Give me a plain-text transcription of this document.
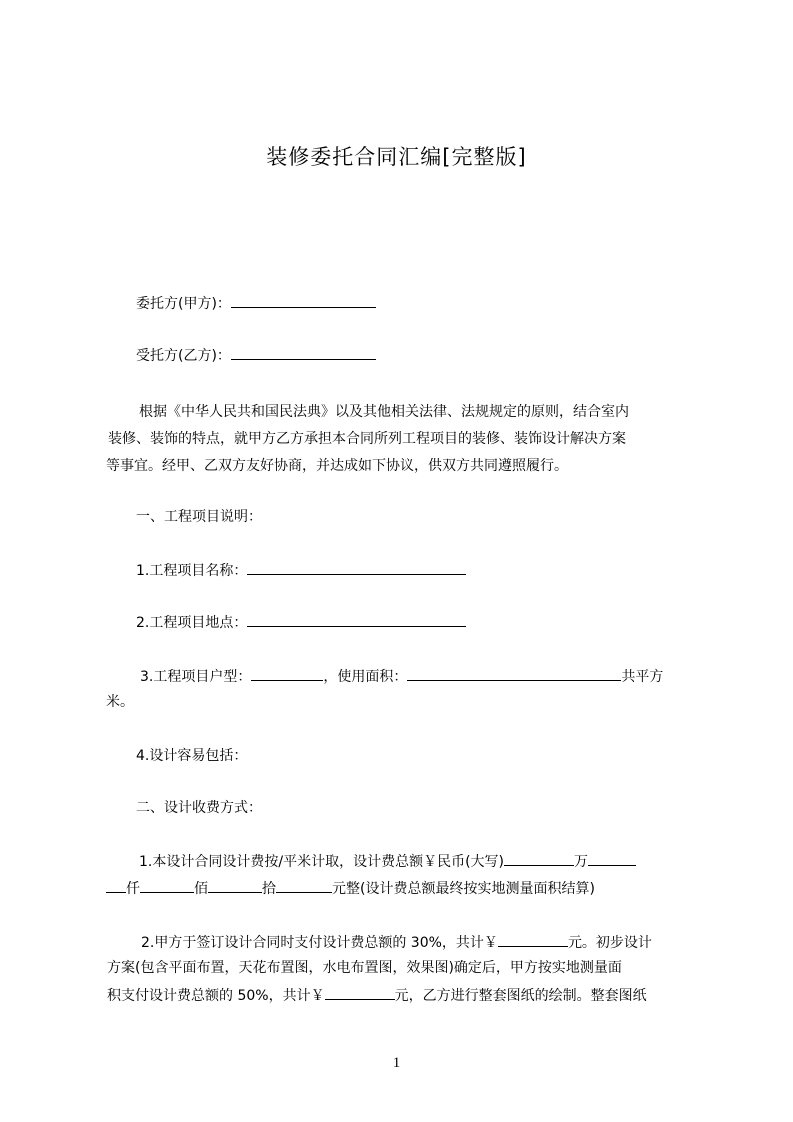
装修委托合同汇编[完整版]
委托方(甲方)：
受托方(乙方)：
根据《中华人民共和国民法典》以及其他相关法律、法规规定的原则，结合室内
装修、装饰的特点，就甲方乙方承担本合同所列工程项目的装修、装饰设计解决方案
等事宜。经甲、乙双方友好协商，并达成如下协议，供双方共同遵照履行。
一、工程项目说明：
1.工程项目名称：
2.工程项目地点：
3.工程项目户型：	，使用面积：	共平方
米。
4.设计容易包括：
二、设计收费方式：
1.本设计合同设计费按/平米计取，设计费总额￥民币(大写)	万
仟	佰	拾	元整(设计费总额最终按实地测量面积结算)
2.甲方于签订设计合同时支付设计费总额的 30%，共计￥	元。初步设计
方案(包含平面布置，天花布置图，水电布置图，效果图)确定后，甲方按实地测量面
积支付设计费总额的 50%，共计￥	元，乙方进行整套图纸的绘制。整套图纸
1
